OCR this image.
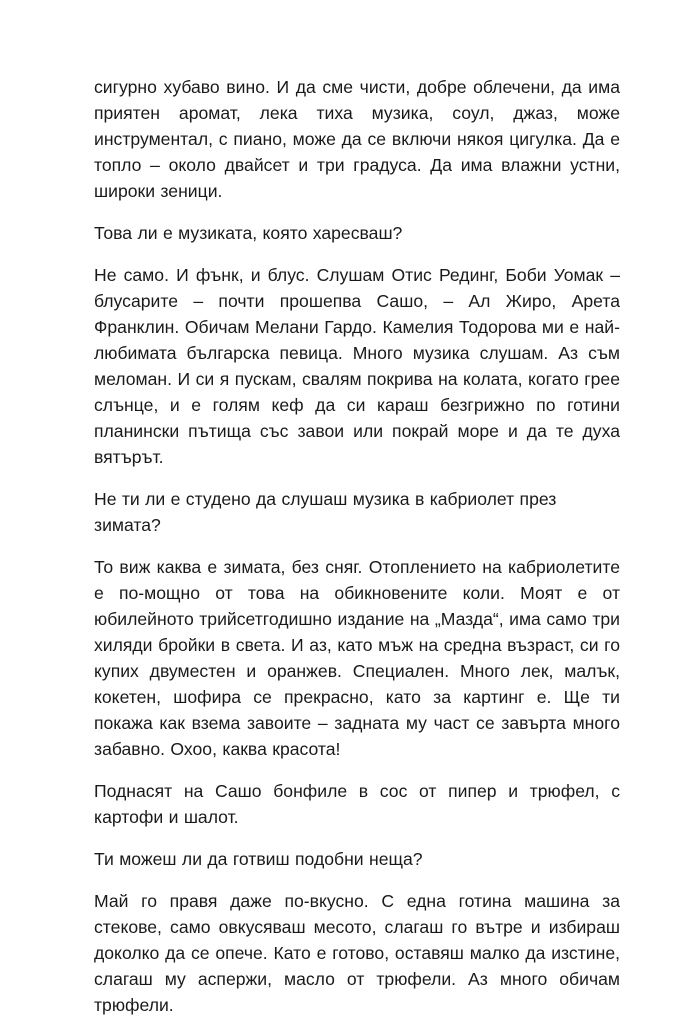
сигурно хубаво вино. И да сме чисти, добре облечени, да има приятен аромат, лека тиха музика, соул, джаз, може инструментал, с пиано, може да се включи някоя цигулка. Да е топло – около двайсет и три градуса. Да има влажни устни, широки зеници.

Това ли е музиката, която харесваш?

Не само. И фънк, и блус. Слушам Отис Рединг, Боби Уомак – блусарите – почти прошепва Сашо, – Ал Жиро, Арета Франклин. Обичам Мелани Гардо. Камелия Тодорова ми е най-любимата българска певица. Много музика слушам. Аз съм меломан. И си я пускам, свалям покрива на колата, когато грее слънце, и е голям кеф да си караш безгрижно по готини планински пътища със завои или покрай море и да те духа вятърът.

Не ти ли е студено да слушаш музика в кабриолет през зимата?

То виж каква е зимата, без сняг. Отоплението на кабриолетите е по-мощно от това на обикновените коли. Моят е от юбилейното трийсетгодишно издание на „Мазда“, има само три хиляди бройки в света. И аз, като мъж на средна възраст, си го купих двуместен и оранжев. Специален. Много лек, малък, кокетен, шофира се прекрасно, като за картинг е. Ще ти покажа как взема завоите – задната му част се завърта много забавно. Охоо, каква красота!

Поднасят на Сашо бонфиле в сос от пипер и трюфел, с картофи и шалот.

Ти можеш ли да готвиш подобни неща?

Май го правя даже по-вкусно. С една готина машина за стекове, само овкусяваш месото, слагаш го вътре и избираш доколко да се опече. Като е готово, оставяш малко да изстине, слагаш му аспержи, масло от трюфели. Аз много обичам трюфели.
